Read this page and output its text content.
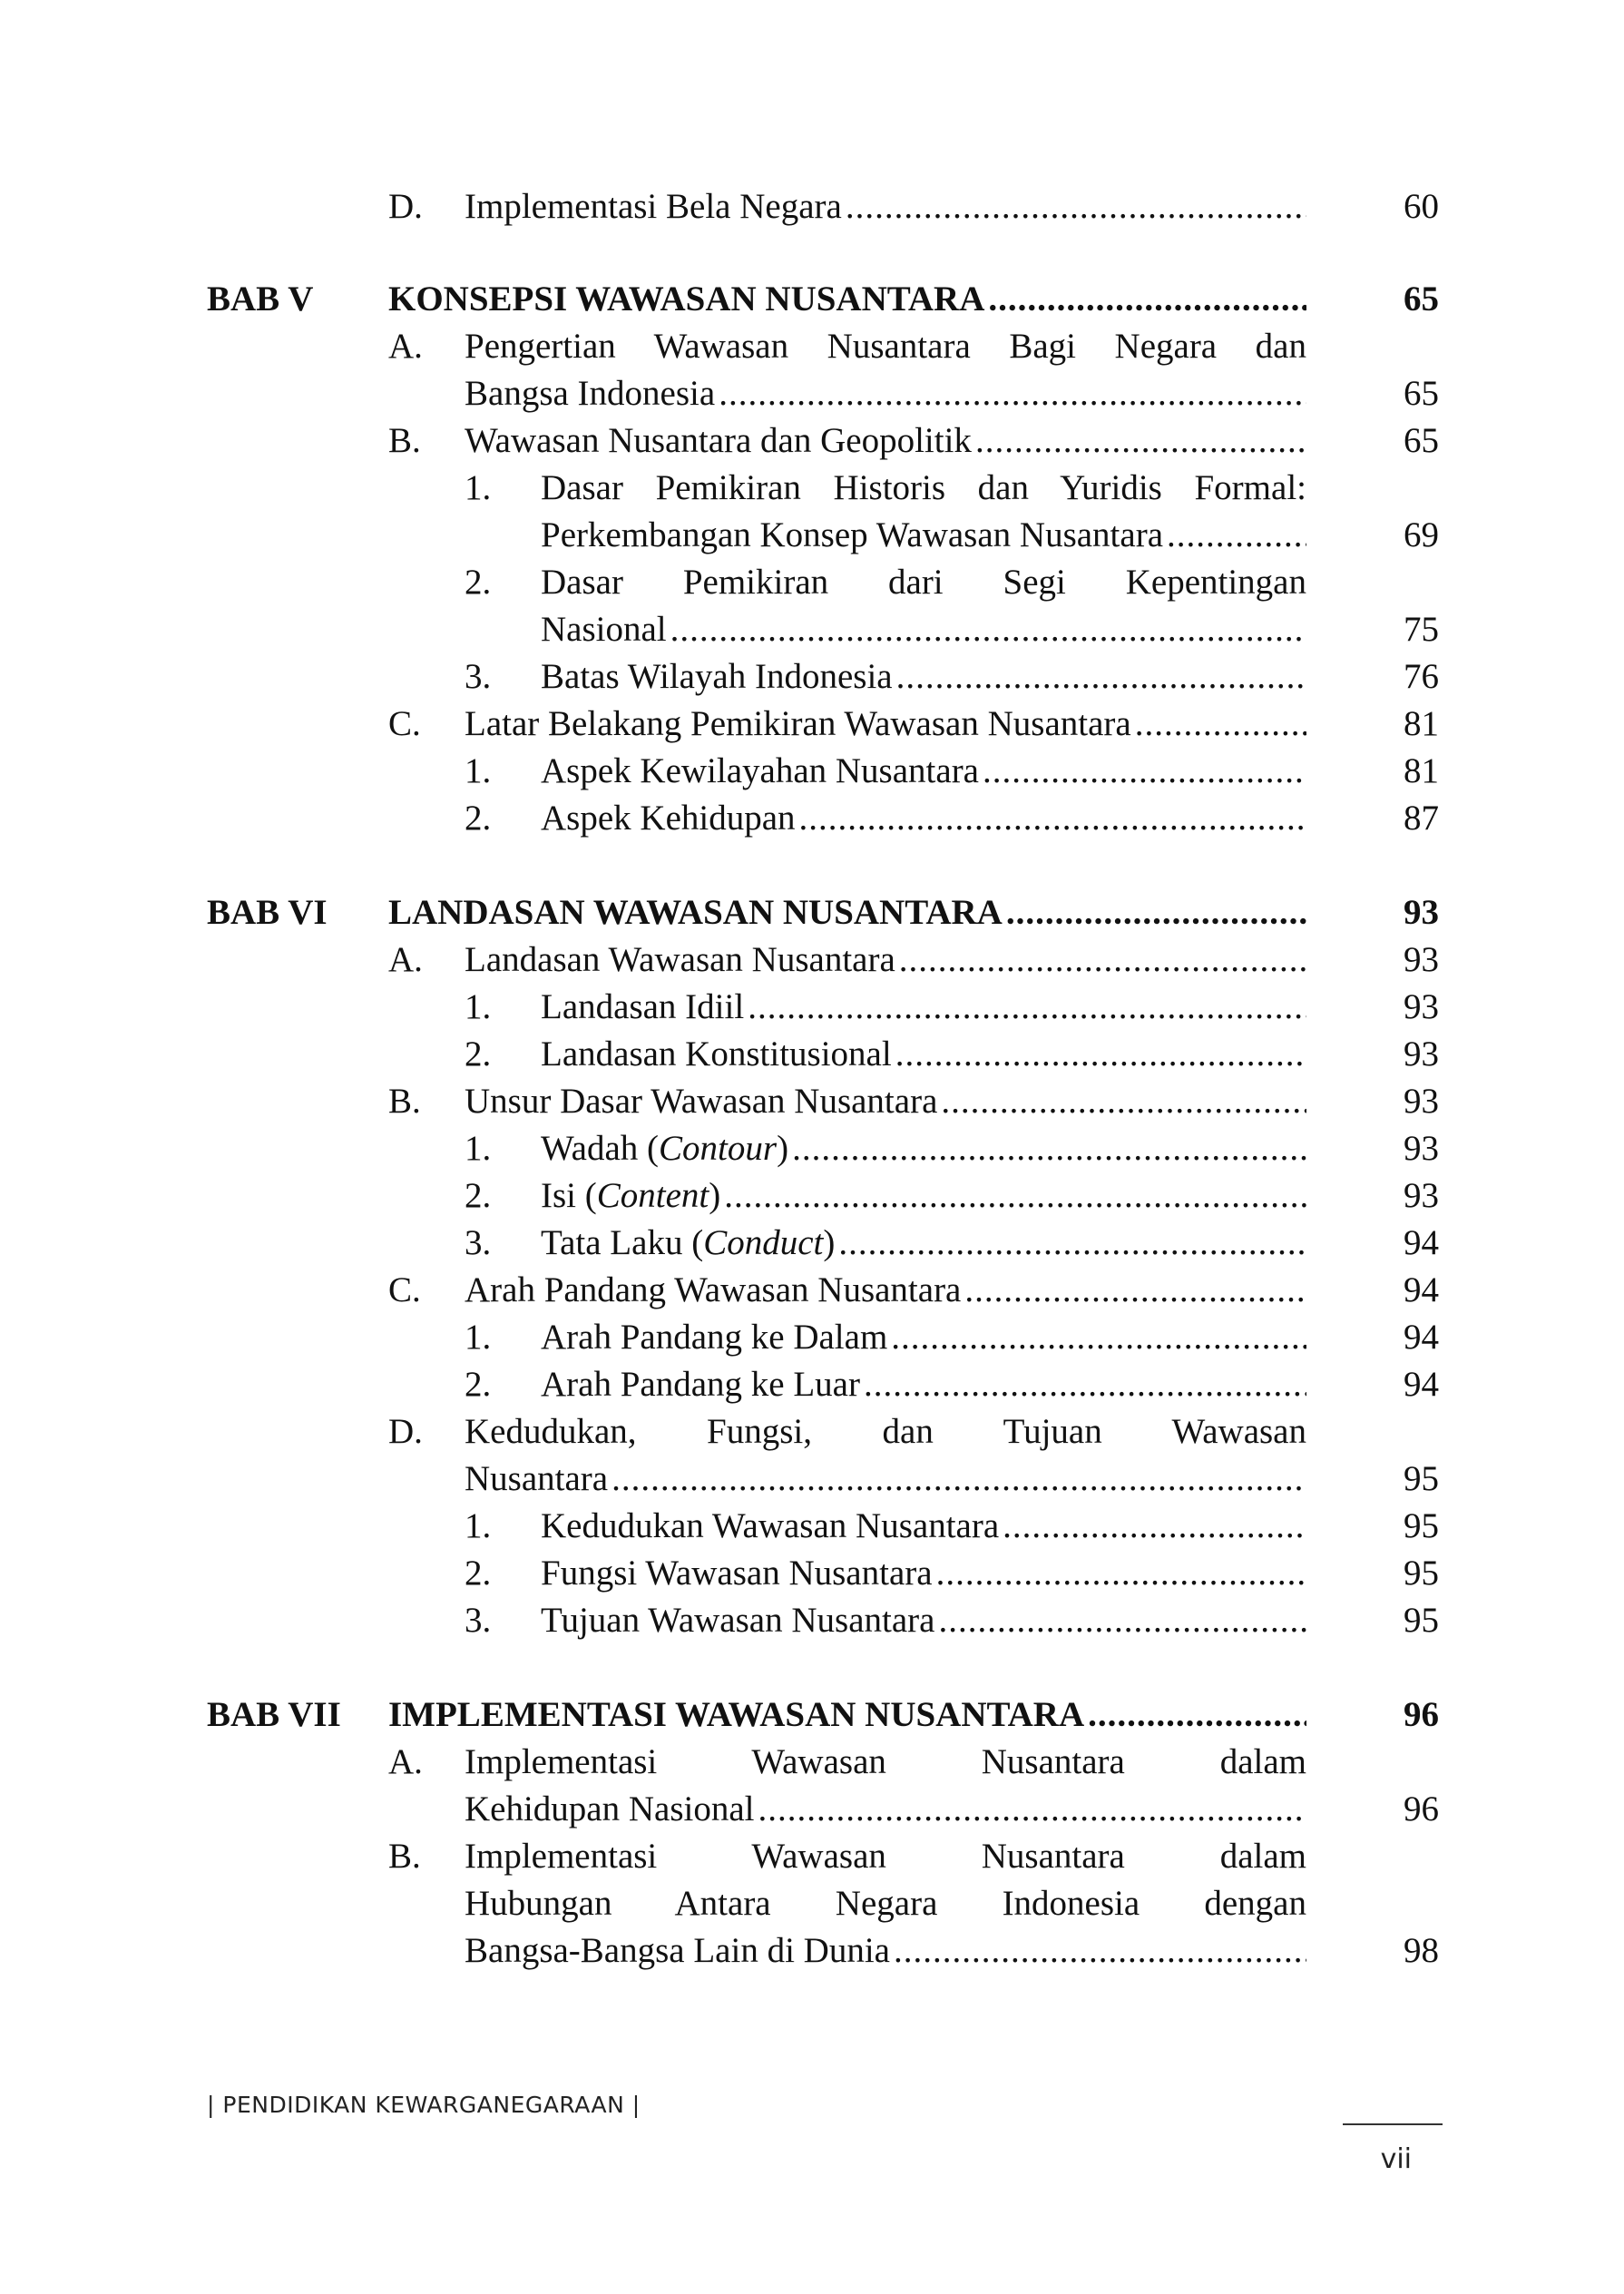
D. Implementasi Bela Negara .....	60
BAB V KONSEPSI WAWASAN NUSANTARA .....	65
A. Pengertian Wawasan Nusantara Bagi Negara dan
Bangsa Indonesia .....	65
B. Wawasan Nusantara dan Geopolitik .....	65
1. Dasar Pemikiran Historis dan Yuridis Formal:
Perkembangan Konsep Wawasan Nusantara .....	69
2. Dasar Pemikiran dari Segi Kepentingan
Nasional .....	75
3. Batas Wilayah Indonesia .....	76
C. Latar Belakang Pemikiran Wawasan Nusantara .....	81
1. Aspek Kewilayahan Nusantara .....	81
2. Aspek Kehidupan .....	87
BAB VI LANDASAN WAWASAN NUSANTARA .....	93
A. Landasan Wawasan Nusantara .....	93
1. Landasan Idiil .....	93
2. Landasan Konstitusional .....	93
B. Unsur Dasar Wawasan Nusantara .....	93
1. Wadah (Contour) .....	93
2. Isi (Content) .....	93
3. Tata Laku (Conduct) .....	94
C. Arah Pandang Wawasan Nusantara .....	94
1. Arah Pandang ke Dalam .....	94
2. Arah Pandang ke Luar .....	94
D. Kedudukan, Fungsi, dan Tujuan Wawasan
Nusantara .....	95
1. Kedudukan Wawasan Nusantara .....	95
2. Fungsi Wawasan Nusantara .....	95
3. Tujuan Wawasan Nusantara .....	95
BAB VII IMPLEMENTASI WAWASAN NUSANTARA .....	96
A. Implementasi Wawasan Nusantara dalam
Kehidupan Nasional .....	96
B. Implementasi Wawasan Nusantara dalam
Hubungan Antara Negara Indonesia dengan
Bangsa-Bangsa Lain di Dunia .....	98
| PENDIDIKAN KEWARGANEGARAAN |
vii
